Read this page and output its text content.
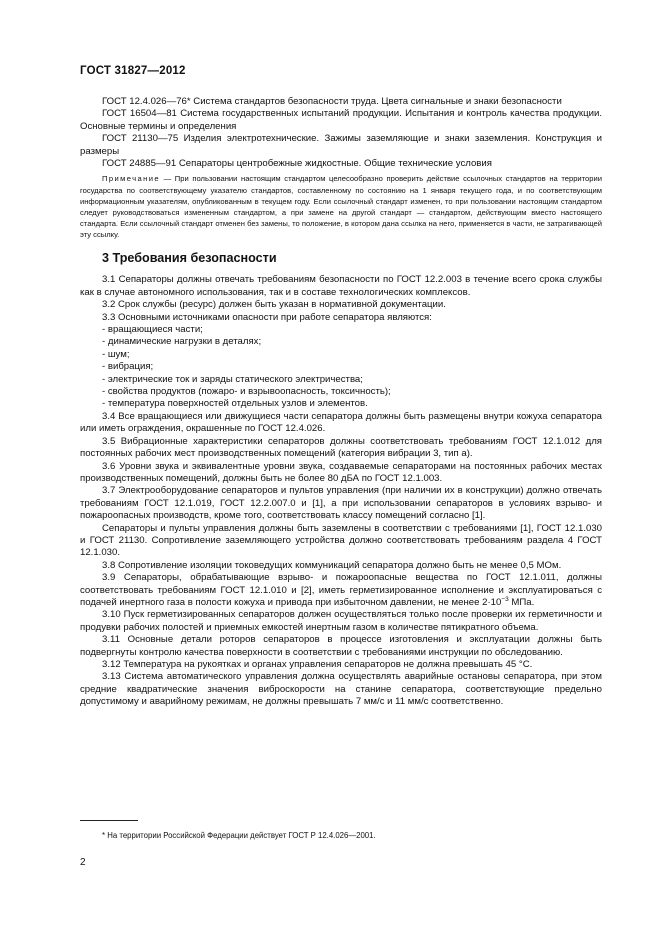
ГОСТ 31827—2012

ГОСТ 12.4.026—76* Система стандартов безопасности труда. Цвета сигнальные и знаки безопасности

ГОСТ 16504—81 Система государственных испытаний продукции. Испытания и контроль качества продукции. Основные термины и определения

ГОСТ 21130—75 Изделия электротехнические. Зажимы заземляющие и знаки заземления. Конструкция и размеры

ГОСТ 24885—91 Сепараторы центробежные жидкостные. Общие технические условия

Примечание — При пользовании настоящим стандартом целесообразно проверить действие ссылочных стандартов на территории государства по соответствующему указателю стандартов, составленному по состоянию на 1 января текущего года, и по соответствующим информационным указателям, опубликованным в текущем году. Если ссылочный стандарт изменен, то при пользовании настоящим стандартом следует руководствоваться измененным стандартом, а при замене на другой стандарт — стандартом, действующим вместо настоящего стандарта. Если ссылочный стандарт отменен без замены, то положение, в котором дана ссылка на него, применяется в части, не затрагивающей эту ссылку.

3 Требования безопасности

3.1 Сепараторы должны отвечать требованиям безопасности по ГОСТ 12.2.003 в течение всего срока службы как в случае автономного использования, так и в составе технологических комплексов.

3.2 Срок службы (ресурс) должен быть указан в нормативной документации.

3.3 Основными источниками опасности при работе сепаратора являются:

- вращающиеся части;

- динамические нагрузки в деталях;

- шум;

- вибрация;

- электрические ток и заряды статического электричества;

- свойства продуктов (пожаро- и взрывоопасность, токсичность);

- температура поверхностей отдельных узлов и элементов.

3.4 Все вращающиеся или движущиеся части сепаратора должны быть размещены внутри кожуха сепаратора или иметь ограждения, окрашенные по ГОСТ 12.4.026.

3.5 Вибрационные характеристики сепараторов должны соответствовать требованиям ГОСТ 12.1.012 для постоянных рабочих мест производственных помещений (категория вибрации 3, тип а).

3.6 Уровни звука и эквивалентные уровни звука, создаваемые сепараторами на постоянных рабочих местах производственных помещений, должны быть не более 80 дБА по ГОСТ 12.1.003.

3.7 Электрооборудование сепараторов и пультов управления (при наличии их в конструкции) должно отвечать требованиям ГОСТ 12.1.019, ГОСТ 12.2.007.0 и [1], а при использовании сепараторов в условиях взрыво- и пожароопасных производств, кроме того, соответствовать классу помещений согласно [1].

Сепараторы и пульты управления должны быть заземлены в соответствии с требованиями [1], ГОСТ 12.1.030 и ГОСТ 21130. Сопротивление заземляющего устройства должно соответствовать требованиям раздела 4 ГОСТ 12.1.030.

3.8 Сопротивление изоляции токоведущих коммуникаций сепаратора должно быть не менее 0,5 МОм.

3.9 Сепараторы, обрабатывающие взрыво- и пожароопасные вещества по ГОСТ 12.1.011, должны соответствовать требованиям ГОСТ 12.1.010 и [2], иметь герметизированное исполнение и эксплуатироваться с подачей инертного газа в полости кожуха и привода при избыточном давлении, не менее $2\cdot 10^{-3}$ МПа.

3.10 Пуск герметизированных сепараторов должен осуществляться только после проверки их герметичности и продувки рабочих полостей и приемных емкостей инертным газом в количестве пятикратного объема.

3.11 Основные детали роторов сепараторов в процессе изготовления и эксплуатации должны быть подвергнуты контролю качества поверхности в соответствии с требованиями инструкции по обследованию.

3.12 Температура на рукоятках и органах управления сепараторов не должна превышать 45 °С.

3.13 Система автоматического управления должна осуществлять аварийные остановы сепаратора, при этом средние квадратические значения виброскорости на станине сепаратора, соответствующие предельно допустимому и аварийному режимам, не должны превышать 7 мм/с и 11 мм/с соответственно.

* На территории Российской Федерации действует ГОСТ Р 12.4.026—2001.
2
